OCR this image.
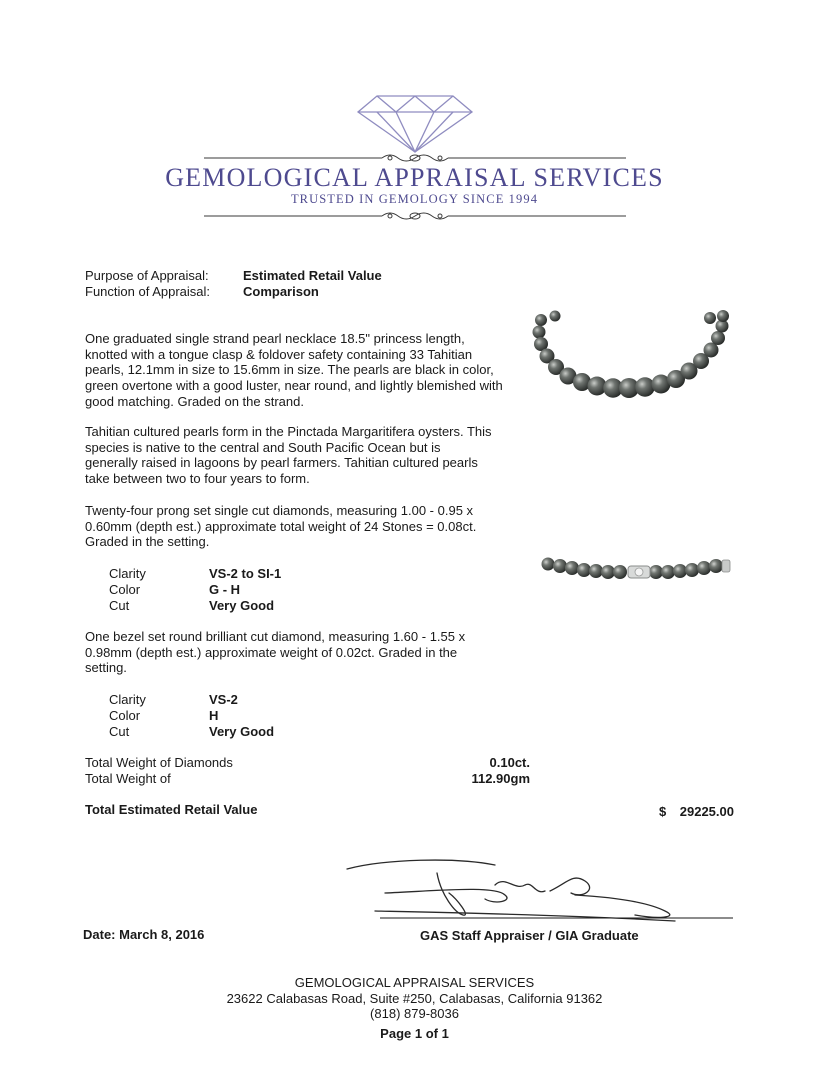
GEMOLOGICAL APPRAISAL SERVICES
TRUSTED IN GEMOLOGY SINCE 1994
Purpose of Appraisal:	Estimated Retail Value
Function of Appraisal:	Comparison
One graduated single strand pearl necklace 18.5" princess length, knotted with a tongue clasp & foldover safety containing 33 Tahitian pearls, 12.1mm in size to 15.6mm in size. The pearls are black in color, green overtone with a good luster, near round, and lightly blemished with good matching. Graded on the strand.
Tahitian cultured pearls form in the Pinctada Margaritifera oysters. This species is native to the central and South Pacific Ocean but is generally raised in lagoons by pearl farmers. Tahitian cultured pearls take between two to four years to form.
Twenty-four prong set single cut diamonds, measuring 1.00 - 0.95 x 0.60mm (depth est.) approximate total weight of 24 Stones = 0.08ct. Graded in the setting.
Clarity	VS-2 to SI-1
Color	G - H
Cut	Very Good
One bezel set round brilliant cut diamond, measuring 1.60 - 1.55 x 0.98mm (depth est.) approximate weight of 0.02ct. Graded in the setting.
Clarity	VS-2
Color	H
Cut	Very Good
Total Weight of Diamonds	0.10ct.
Total Weight of	112.90gm
Total Estimated Retail Value	$	29225.00
Date: March 8, 2016	GAS Staff Appraiser / GIA Graduate
GEMOLOGICAL APPRAISAL SERVICES
23622 Calabasas Road, Suite #250, Calabasas, California 91362
(818) 879-8036
Page 1 of 1
